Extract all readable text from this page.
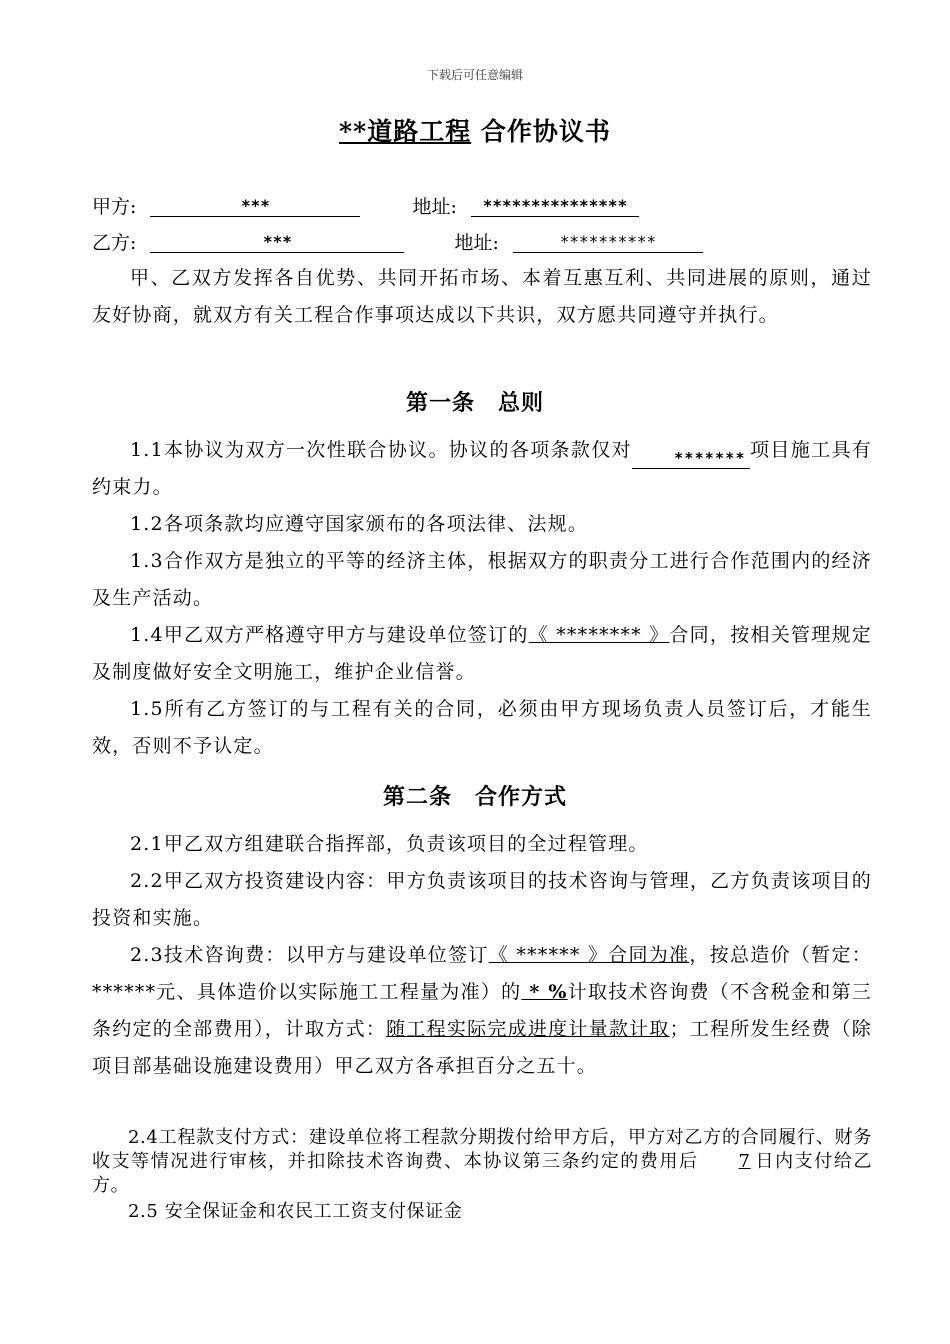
下载后可任意编辑
**道路工程 合作协议书
甲方:	***	地址: ***************
乙方:	***	地址:	**********
甲、乙双方发挥各自优势、共同开拓市场、本着互惠互利、共同进展的原则，通过友好协商，就双方有关工程合作事项达成以下共识，双方愿共同遵守并执行。
第一条　总则
1.1本协议为双方一次性联合协议。协议的各项条款仅对	******* 项目施工具有约束力。
1.2各项条款均应遵守国家颁布的各项法律、法规。
1.3合作双方是独立的平等的经济主体，根据双方的职责分工进行合作范围内的经济及生产活动。
1.4甲乙双方严格遵守甲方与建设单位签订的《 ******** 》合同，按相关管理规定及制度做好安全文明施工，维护企业信誉。
1.5所有乙方签订的与工程有关的合同，必须由甲方现场负责人员签订后，才能生效，否则不予认定。
第二条　合作方式
2.1甲乙双方组建联合指挥部，负责该项目的全过程管理。
2.2甲乙双方投资建设内容：甲方负责该项目的技术咨询与管理，乙方负责该项目的投资和实施。
2.3技术咨询费：以甲方与建设单位签订《 ****** 》合同为准，按总造价（暂定：******元、具体造价以实际施工工程量为准）的 * %计取技术咨询费（不含税金和第三条约定的全部费用），计取方式：随工程实际完成进度计量款计取；工程所发生经费（除项目部基础设施建设费用）甲乙双方各承担百分之五十。
2.4工程款支付方式：建设单位将工程款分期拨付给甲方后，甲方对乙方的合同履行、财务收支等情况进行审核，并扣除技术咨询费、本协议第三条约定的费用后 7 日内支付给乙方。
2.5 安全保证金和农民工工资支付保证金
